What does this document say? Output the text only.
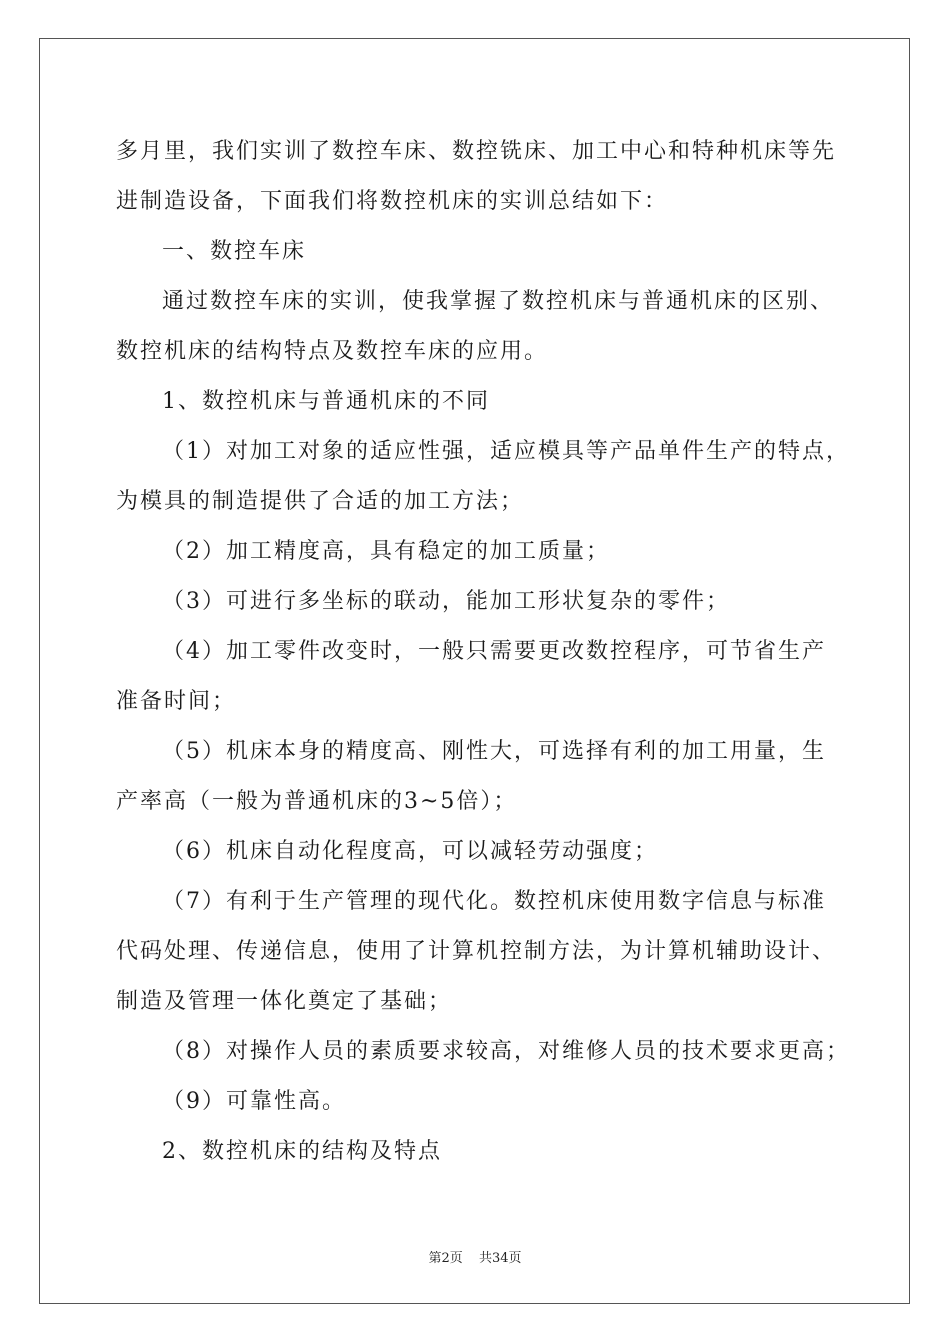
多月里，我们实训了数控车床、数控铣床、加工中心和特种机床等先
进制造设备，下面我们将数控机床的实训总结如下：
一、数控车床
通过数控车床的实训，使我掌握了数控机床与普通机床的区别、
数控机床的结构特点及数控车床的应用。
1、数控机床与普通机床的不同
（1）对加工对象的适应性强，适应模具等产品单件生产的特点，
为模具的制造提供了合适的加工方法；
（2）加工精度高，具有稳定的加工质量；
（3）可进行多坐标的联动，能加工形状复杂的零件；
（4）加工零件改变时，一般只需要更改数控程序，可节省生产
准备时间；
（5）机床本身的精度高、刚性大，可选择有利的加工用量，生
产率高（一般为普通机床的3~5倍）；
（6）机床自动化程度高，可以减轻劳动强度；
（7）有利于生产管理的现代化。数控机床使用数字信息与标准
代码处理、传递信息，使用了计算机控制方法，为计算机辅助设计、
制造及管理一体化奠定了基础；
（8）对操作人员的素质要求较高，对维修人员的技术要求更高；
（9）可靠性高。
2、数控机床的结构及特点
第2页 共34页
